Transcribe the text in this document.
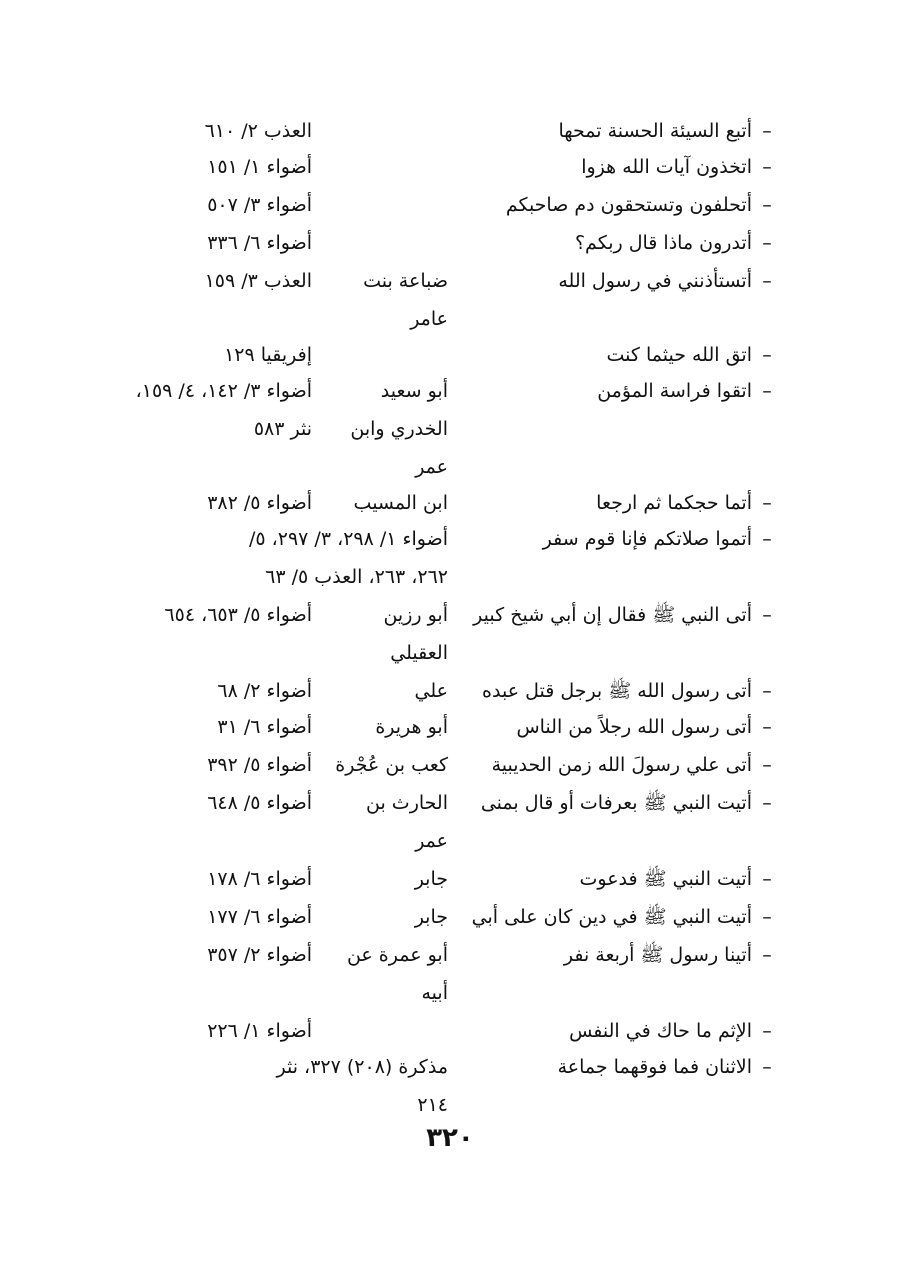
–
أتبع السيئة الحسنة تمحها
العذب ٢/ ٦١٠
–
اتخذون آيات الله هزوا
أضواء ١/ ١٥١
–
أتحلفون وتستحقون دم صاحبكم
أضواء ٣/ ٥٠٧
–
أتدرون ماذا قال ربكم؟
أضواء ٦/ ٣٣٦
–
أتستأذنني في رسول الله
ضباعة بنت
العذب ٣/ ١٥٩
عامر
–
اتق الله حيثما كنت
إفريقيا ١٢٩
–
اتقوا فراسة المؤمن
أبو سعيد
أضواء ٣/ ١٤٢، ٤/ ١٥٩،
الخدري وابن
نثر ٥٨٣
عمر
–
أتما حجكما ثم ارجعا
ابن المسيب
أضواء ٥/ ٣٨٢
–
أتموا صلاتكم فإنا قوم سفر
أضواء ١/ ٢٩٨، ٣/ ٢٩٧، ٥/
٢٦٢، ٢٦٣، العذب ٥/ ٦٣
–
أتى النبي ﷺ فقال إن أبي شيخ كبير
أبو رزين
أضواء ٥/ ٦٥٣، ٦٥٤
العقيلي
–
أتى رسول الله ﷺ برجل قتل عبده
علي
أضواء ٢/ ٦٨
–
أتى رسول الله رجلاً من الناس
أبو هريرة
أضواء ٦/ ٣١
–
أتى علي رسولَ الله زمن الحديبية
كعب بن عُجْرة
أضواء ٥/ ٣٩٢
–
أتيت النبي ﷺ بعرفات أو قال بمنى
الحارث بن
أضواء ٥/ ٦٤٨
عمر
–
أتيت النبي ﷺ فدعوت
جابر
أضواء ٦/ ١٧٨
–
أتيت النبي ﷺ في دين كان على أبي
جابر
أضواء ٦/ ١٧٧
–
أتينا رسول ﷺ أربعة نفر
أبو عمرة عن
أضواء ٢/ ٣٥٧
أبيه
–
الإثم ما حاك في النفس
أضواء ١/ ٢٢٦
–
الاثنان فما فوقهما جماعة
مذكرة (٢٠٨) ٣٢٧، نثر
٢١٤
٣٢٠
